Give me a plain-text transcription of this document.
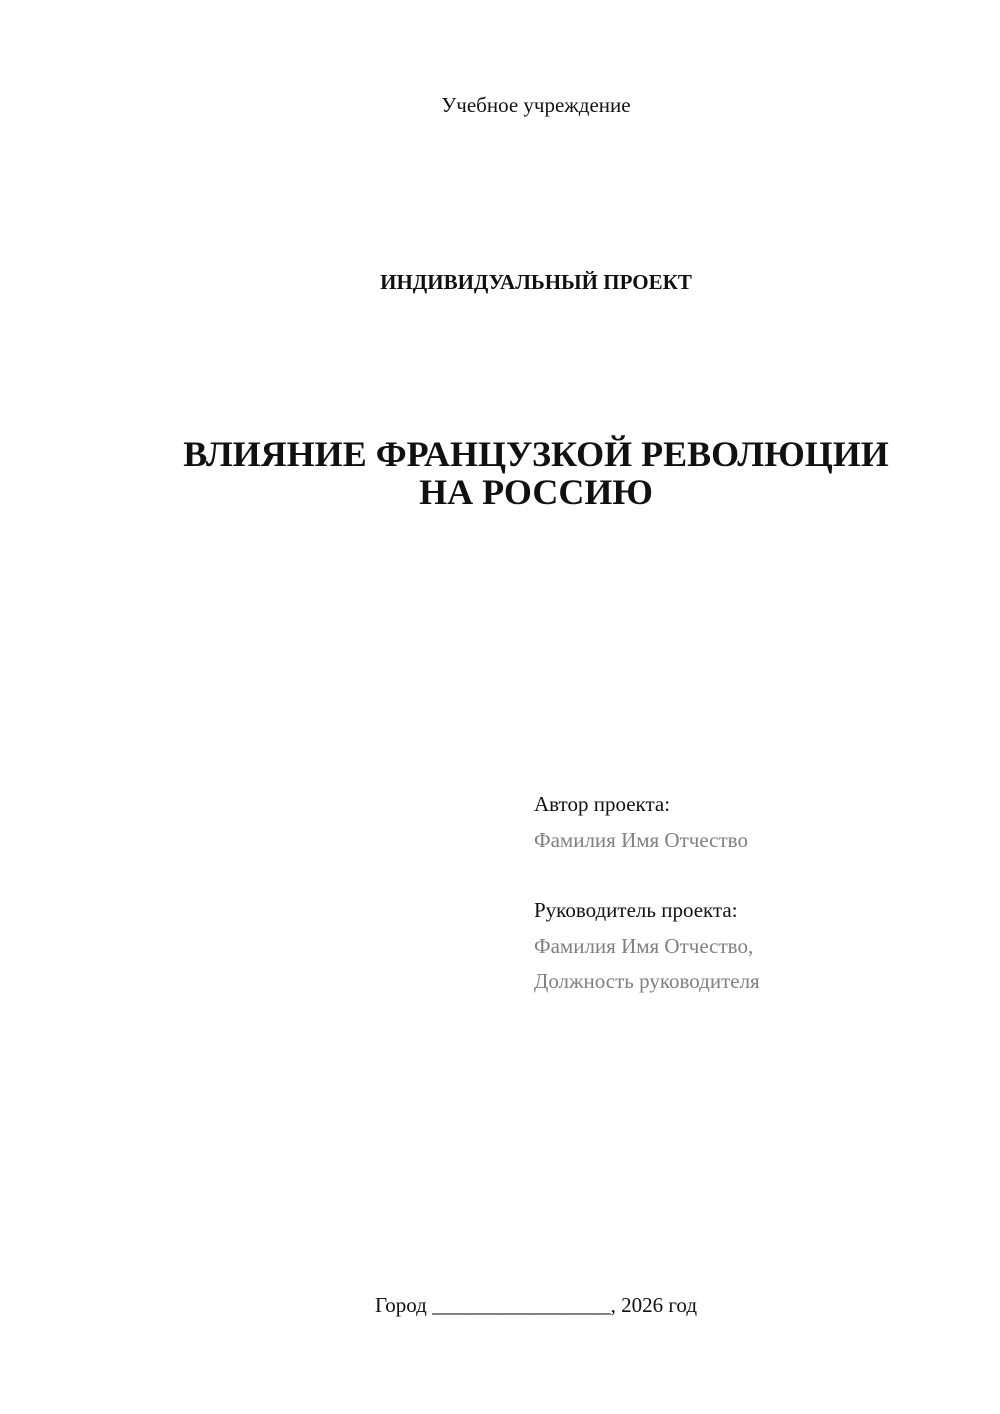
Учебное учреждение
ИНДИВИДУАЛЬНЫЙ ПРОЕКТ
ВЛИЯНИЕ ФРАНЦУЗКОЙ РЕВОЛЮЦИИ
НА РОССИЮ
Автор проекта:
Фамилия Имя Отчество
Руководитель проекта:
Фамилия Имя Отчество,
Должность руководителя
Город _________________, 2026 год
